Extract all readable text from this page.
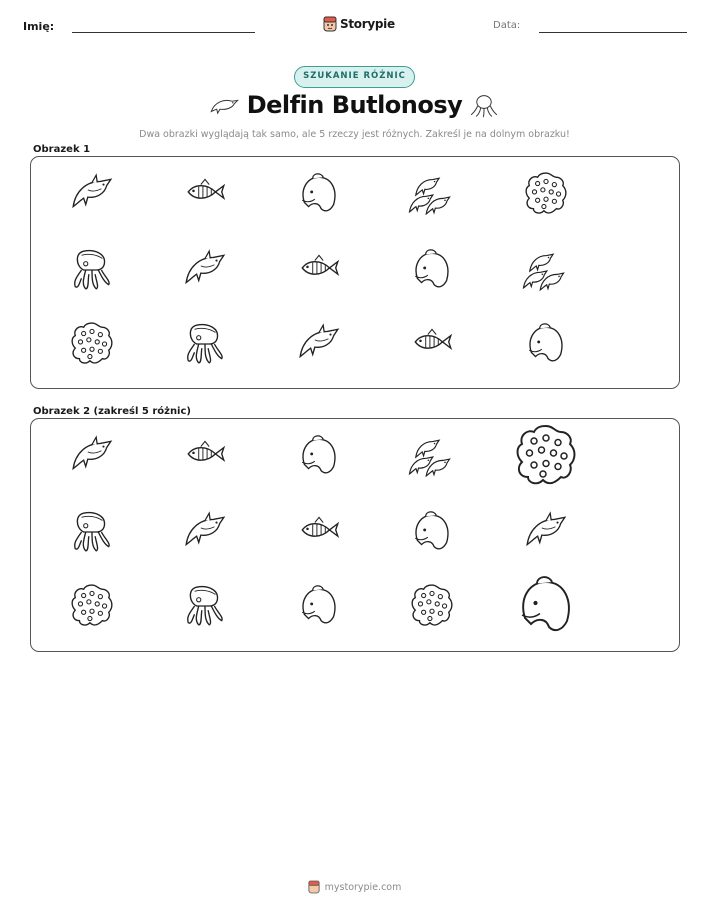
Imię:	Storypie	Data:
SZUKANIE RÓŻNIC
Delfin Butlonosy
Dwa obrazki wyglądają tak samo, ale 5 rzeczy jest różnych. Zakreśl je na dolnym obrazku!
Obrazek 1
Obrazek 2 (zakreśl 5 różnic)
mystorypie.com
